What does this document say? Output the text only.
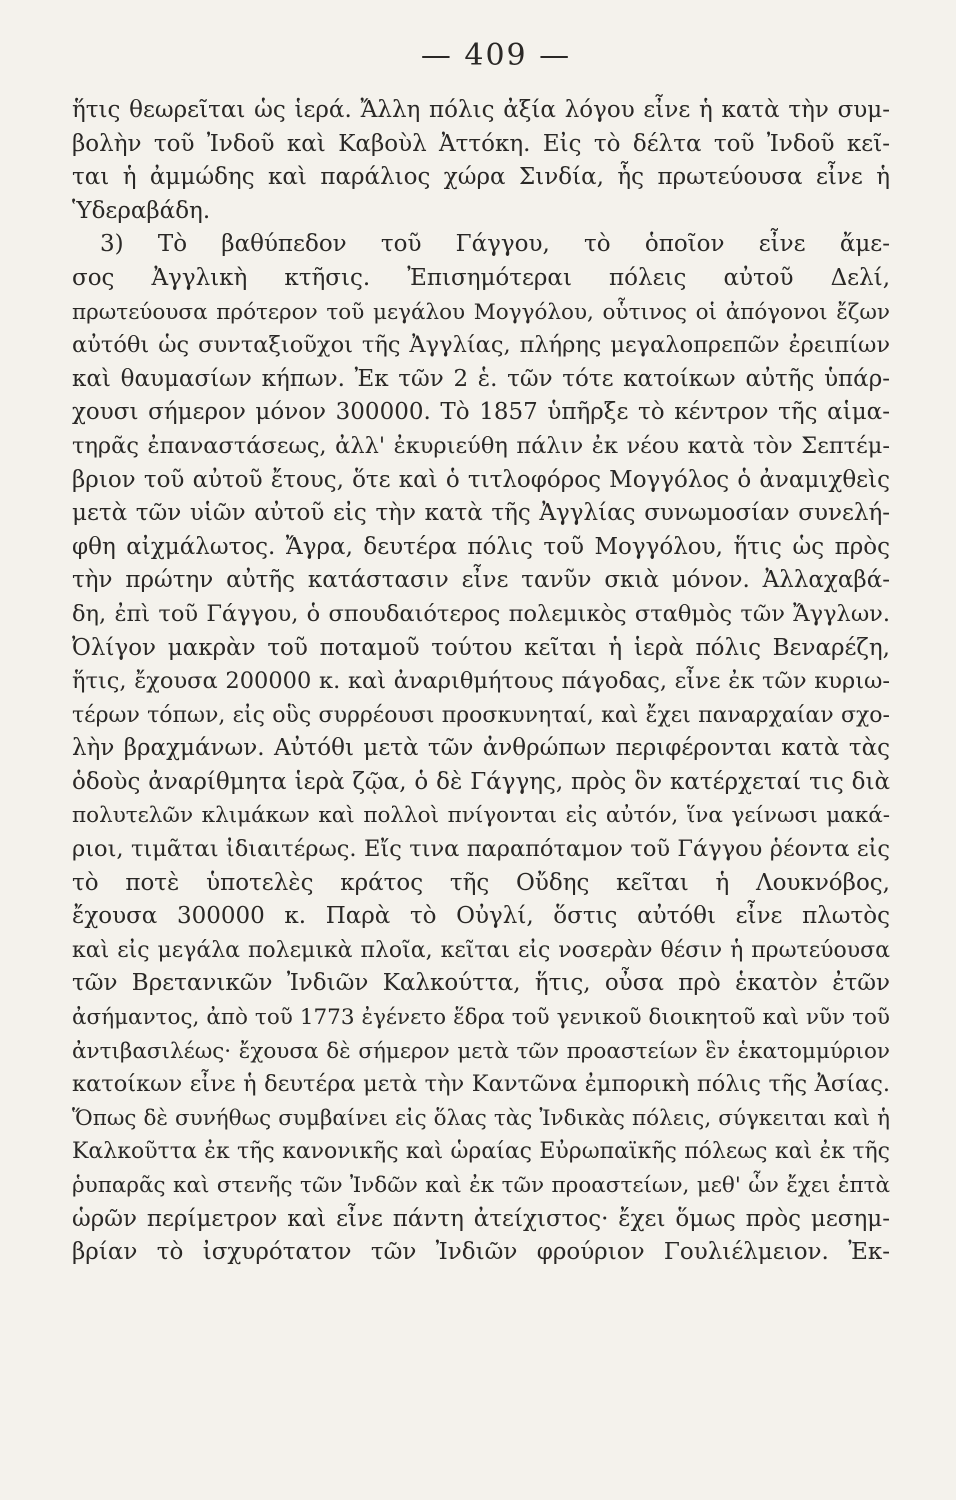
— 409 —
ἥτις θεωρεῖται ὡς ἱερά. Ἄλλη πόλις ἀξία λόγου εἶνε ἡ κατὰ τὴν συμ-
βολὴν τοῦ Ἰνδοῦ καὶ Καβοὺλ Ἀττόκη. Εἰς τὸ δέλτα τοῦ Ἰνδοῦ κεῖ-
ται ἡ ἀμμώδης καὶ παράλιος χώρα Σινδία, ἧς πρωτεύουσα εἶνε ἡ
Ὑδεραβάδη.
3) Τὸ βαθύπεδον τοῦ Γάγγου, τὸ ὁποῖον εἶνε ἄμε-
σος Ἀγγλικὴ κτῆσις. Ἐπισημότεραι πόλεις αὐτοῦ Δελί,
πρωτεύουσα πρότερον τοῦ μεγάλου Μογγόλου, οὗτινος οἱ ἀπόγονοι ἔζων
αὐτόθι ὡς συνταξιοῦχοι τῆς Ἀγγλίας, πλήρης μεγαλοπρεπῶν ἐρειπίων
καὶ θαυμασίων κήπων. Ἐκ τῶν 2 ἑ. τῶν τότε κατοίκων αὐτῆς ὑπάρ-
χουσι σήμερον μόνον 300000. Τὸ 1857 ὑπῆρξε τὸ κέντρον τῆς αἱμα-
τηρᾶς ἐπαναστάσεως, ἀλλ' ἐκυριεύθη πάλιν ἐκ νέου κατὰ τὸν Σεπτέμ-
βριον τοῦ αὐτοῦ ἔτους, ὅτε καὶ ὁ τιτλοφόρος Μογγόλος ὁ ἀναμιχθεὶς
μετὰ τῶν υἱῶν αὐτοῦ εἰς τὴν κατὰ τῆς Ἀγγλίας συνωμοσίαν συνελή-
φθη αἰχμάλωτος. Ἄγρα, δευτέρα πόλις τοῦ Μογγόλου, ἥτις ὡς πρὸς
τὴν πρώτην αὐτῆς κατάστασιν εἶνε τανῦν σκιὰ μόνον. Ἀλλαχαβά-
δη, ἐπὶ τοῦ Γάγγου, ὁ σπουδαιότερος πολεμικὸς σταθμὸς τῶν Ἄγγλων.
Ὀλίγον μακρὰν τοῦ ποταμοῦ τούτου κεῖται ἡ ἱερὰ πόλις Βεναρέζη,
ἥτις, ἔχουσα 200000 κ. καὶ ἀναριθμήτους πάγοδας, εἶνε ἐκ τῶν κυριω-
τέρων τόπων, εἰς οὓς συρρέουσι προσκυνηταί, καὶ ἔχει παναρχαίαν σχο-
λὴν βραχμάνων. Αὐτόθι μετὰ τῶν ἀνθρώπων περιφέρονται κατὰ τὰς
ὁδοὺς ἀναρίθμητα ἱερὰ ζῷα, ὁ δὲ Γάγγης, πρὸς ὃν κατέρχεταί τις διὰ
πολυτελῶν κλιμάκων καὶ πολλοὶ πνίγονται εἰς αὐτόν, ἵνα γείνωσι μακά-
ριοι, τιμᾶται ἰδιαιτέρως. Εἴς τινα παραπόταμον τοῦ Γάγγου ῥέοντα εἰς
τὸ ποτὲ ὑποτελὲς κράτος τῆς Οὔδης κεῖται ἡ Λουκνόβος,
ἔχουσα 300000 κ. Παρὰ τὸ Οὐγλί, ὅστις αὐτόθι εἶνε πλωτὸς
καὶ εἰς μεγάλα πολεμικὰ πλοῖα, κεῖται εἰς νοσερὰν θέσιν ἡ πρωτεύουσα
τῶν Βρετανικῶν Ἰνδιῶν Καλκούττα, ἥτις, οὖσα πρὸ ἑκατὸν ἐτῶν
ἀσήμαντος, ἀπὸ τοῦ 1773 ἐγένετο ἕδρα τοῦ γενικοῦ διοικητοῦ καὶ νῦν τοῦ
ἀντιβασιλέως· ἔχουσα δὲ σήμερον μετὰ τῶν προαστείων ἓν ἑκατομμύριον
κατοίκων εἶνε ἡ δευτέρα μετὰ τὴν Καντῶνα ἐμπορικὴ πόλις τῆς Ἀσίας.
Ὅπως δὲ συνήθως συμβαίνει εἰς ὅλας τὰς Ἰνδικὰς πόλεις, σύγκειται καὶ ἡ
Καλκοῦττα ἐκ τῆς κανονικῆς καὶ ὡραίας Εὐρωπαϊκῆς πόλεως καὶ ἐκ τῆς
ῥυπαρᾶς καὶ στενῆς τῶν Ἰνδῶν καὶ ἐκ τῶν προαστείων, μεθ' ὧν ἔχει ἑπτὰ
ὡρῶν περίμετρον καὶ εἶνε πάντη ἀτείχιστος· ἔχει ὅμως πρὸς μεσημ-
βρίαν τὸ ἰσχυρότατον τῶν Ἰνδιῶν φρούριον Γουλιέλμειον. Ἐκ-
